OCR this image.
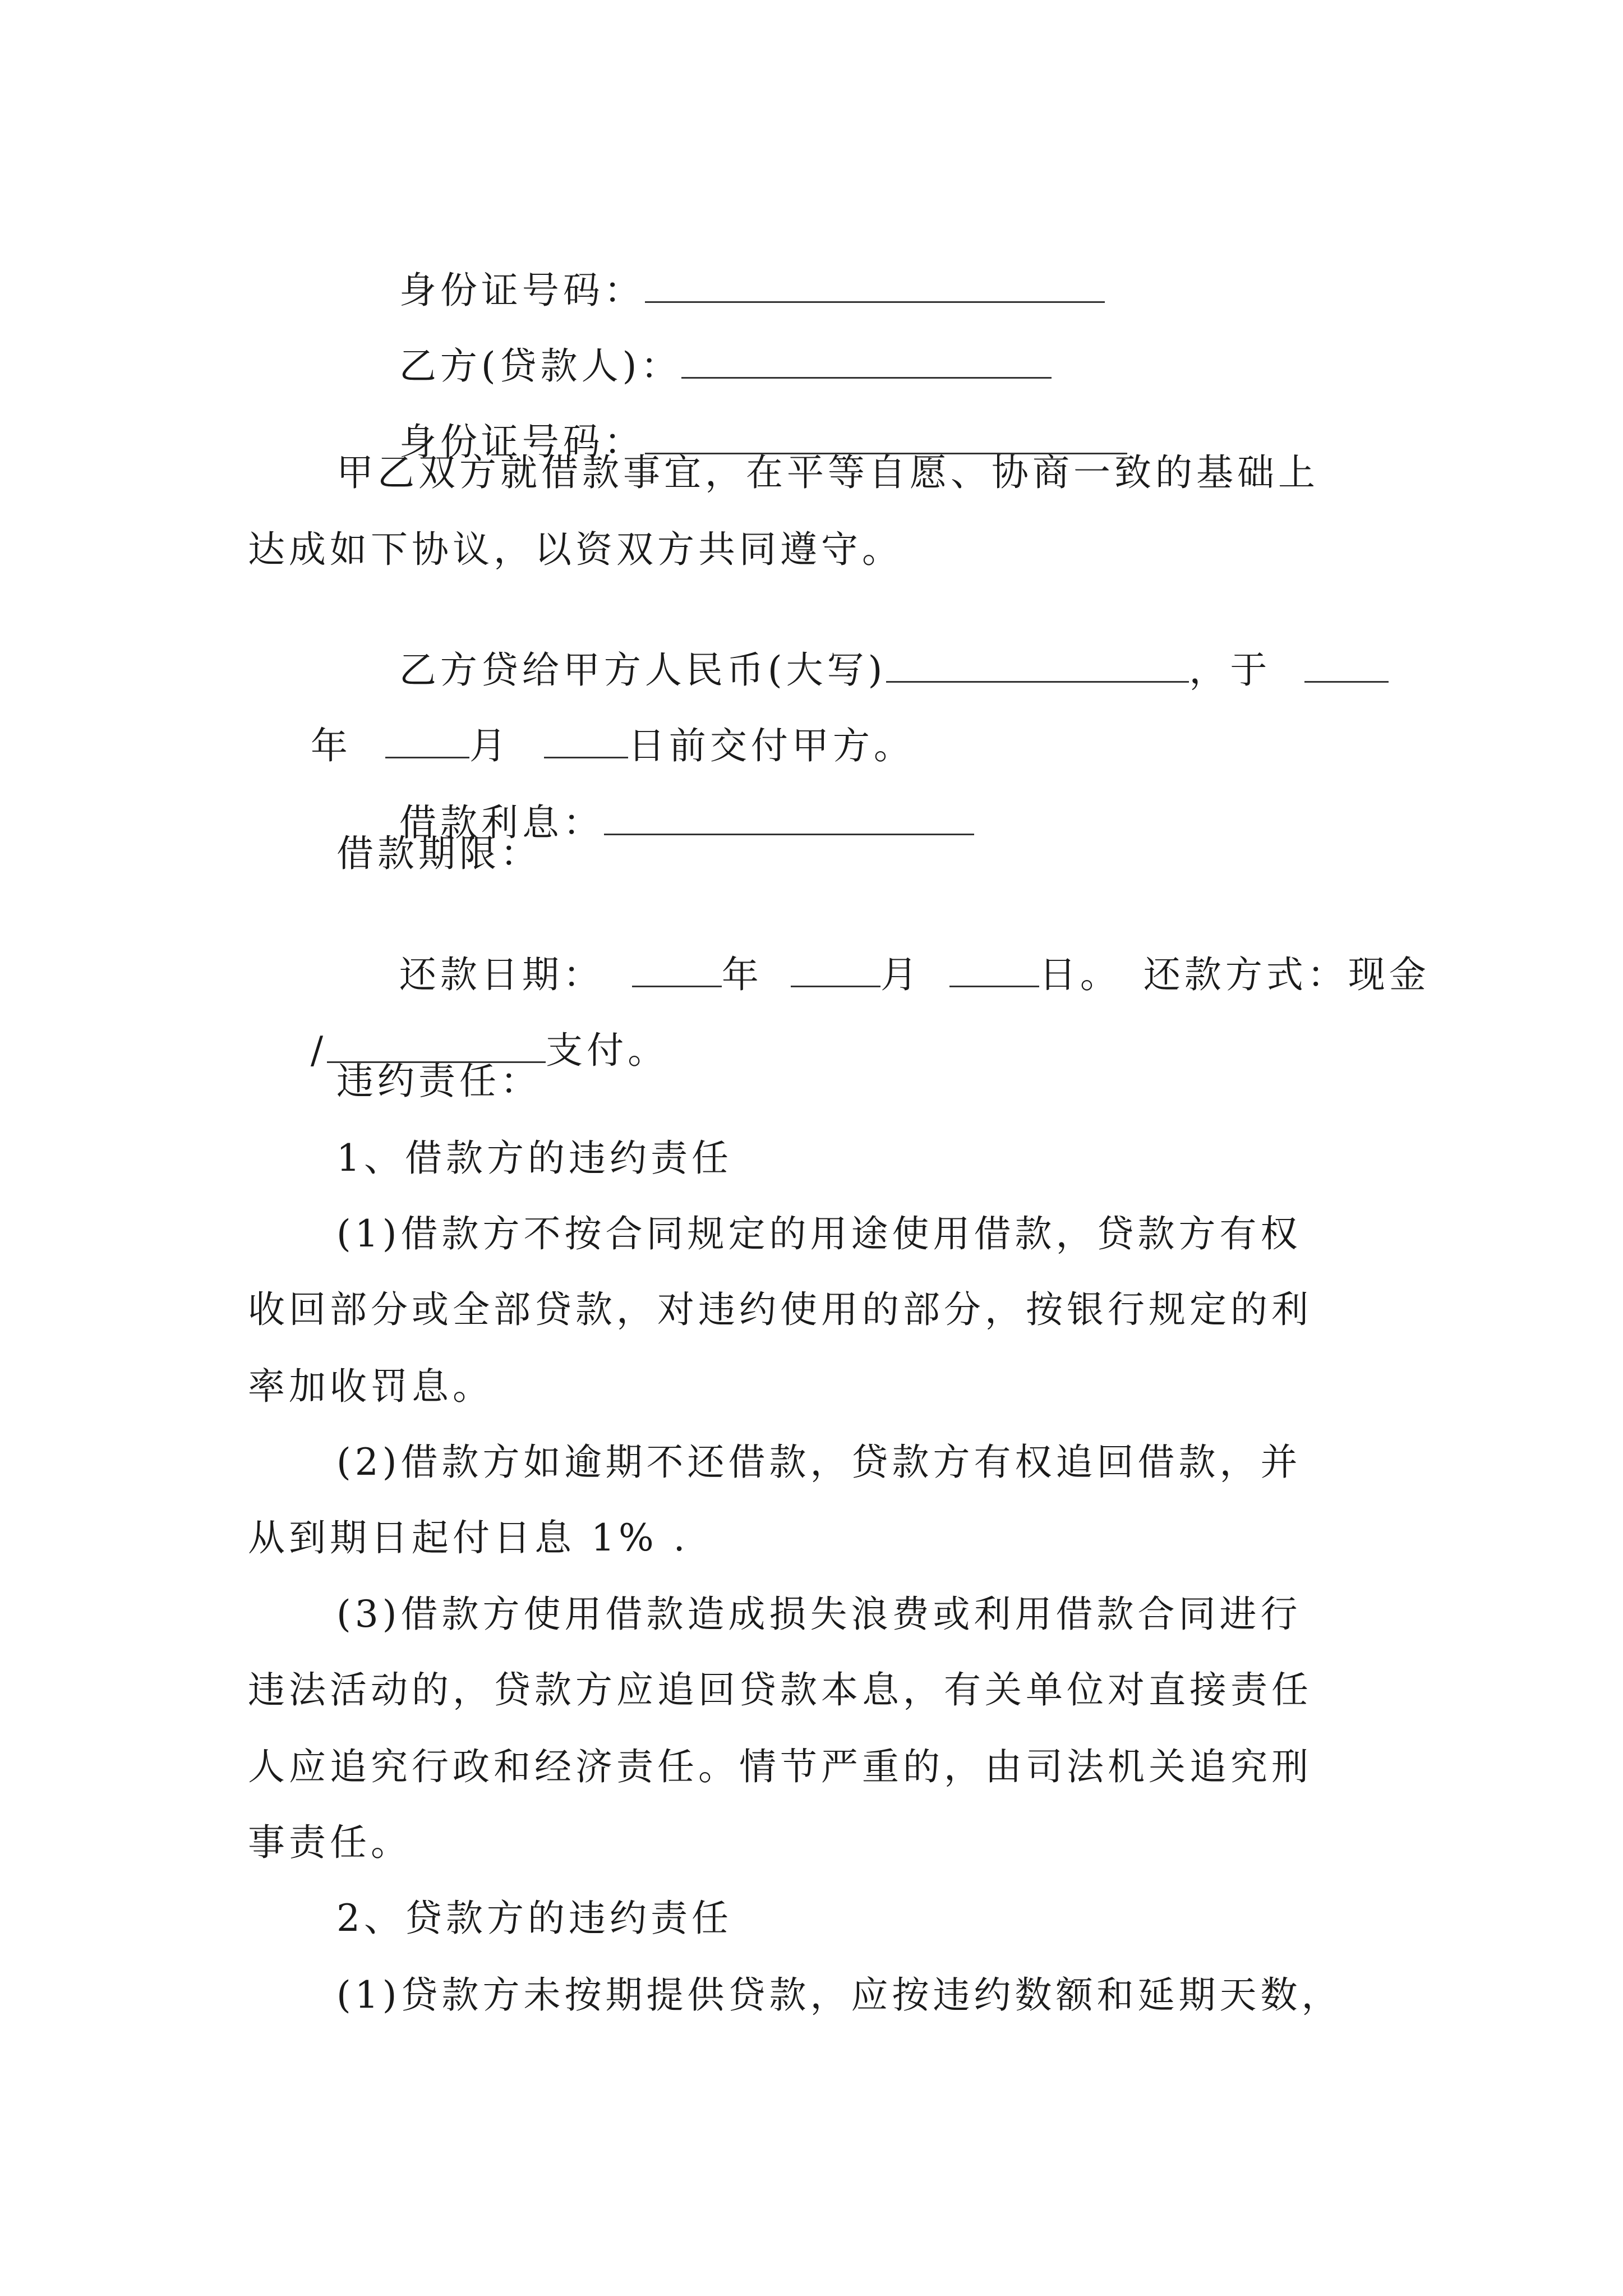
身份证号码：

乙方(贷款人)：

身份证号码：

甲乙双方就借款事宜，在平等自愿、协商一致的基础上
达成如下协议，以资双方共同遵守。

乙方贷给甲方人民币(大写)	，于

年	月	日前交付甲方。

借款利息：

借款期限：

还款日期：	年	月	日。 还款方式：现金

/	支付。

违约责任：
1、借款方的违约责任
(1)借款方不按合同规定的用途使用借款，贷款方有权
收回部分或全部贷款，对违约使用的部分，按银行规定的利
率加收罚息。
(2)借款方如逾期不还借款，贷款方有权追回借款，并
从到期日起付日息 1% .
(3)借款方使用借款造成损失浪费或利用借款合同进行
违法活动的，贷款方应追回贷款本息，有关单位对直接责任
人应追究行政和经济责任。情节严重的，由司法机关追究刑
事责任。
2、贷款方的违约责任
(1)贷款方未按期提供贷款，应按违约数额和延期天数，
